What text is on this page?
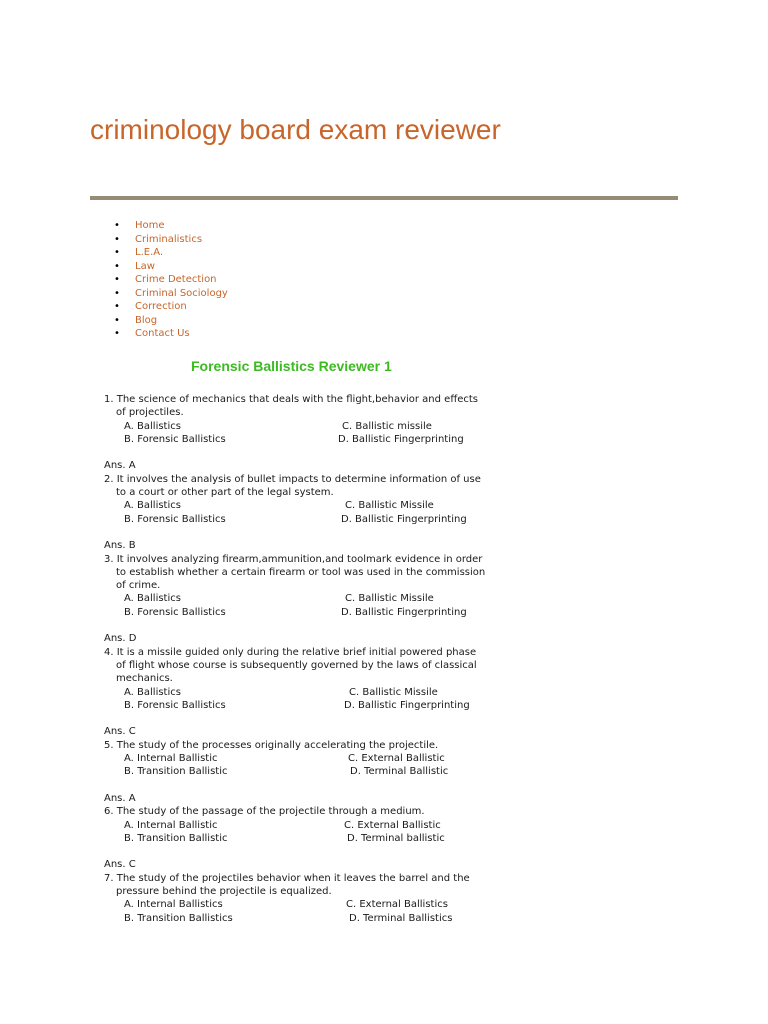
criminology board exam reviewer
• Home
• Criminalistics
• L.E.A.
• Law
• Crime Detection
• Criminal Sociology
• Correction
• Blog
• Contact Us
Forensic Ballistics Reviewer 1
1. The science of mechanics that deals with the flight,behavior and effects
of projectiles.
A. Ballistics	C. Ballistic missile
B. Forensic Ballistics	D. Ballistic Fingerprinting
Ans. A
2. It involves the analysis of bullet impacts to determine information of use
to a court or other part of the legal system.
A. Ballistics	C. Ballistic Missile
B. Forensic Ballistics	D. Ballistic Fingerprinting
Ans. B
3. It involves analyzing firearm,ammunition,and toolmark evidence in order
to establish whether a certain firearm or tool was used in the commission
of crime.
A. Ballistics	C. Ballistic Missile
B. Forensic Ballistics	D. Ballistic Fingerprinting
Ans. D
4. It is a missile guided only during the relative brief initial powered phase
of flight whose course is subsequently governed by the laws of classical
mechanics.
A. Ballistics	C. Ballistic Missile
B. Forensic Ballistics	D. Ballistic Fingerprinting
Ans. C
5. The study of the processes originally accelerating the projectile.
A. Internal Ballistic	C. External Ballistic
B. Transition Ballistic	D. Terminal Ballistic
Ans. A
6. The study of the passage of the projectile through a medium.
A. Internal Ballistic	C. External Ballistic
B. Transition Ballistic	D. Terminal ballistic
Ans. C
7. The study of the projectiles behavior when it leaves the barrel and the
pressure behind the projectile is equalized.
A. Internal Ballistics	C. External Ballistics
B. Transition Ballistics	D. Terminal Ballistics
